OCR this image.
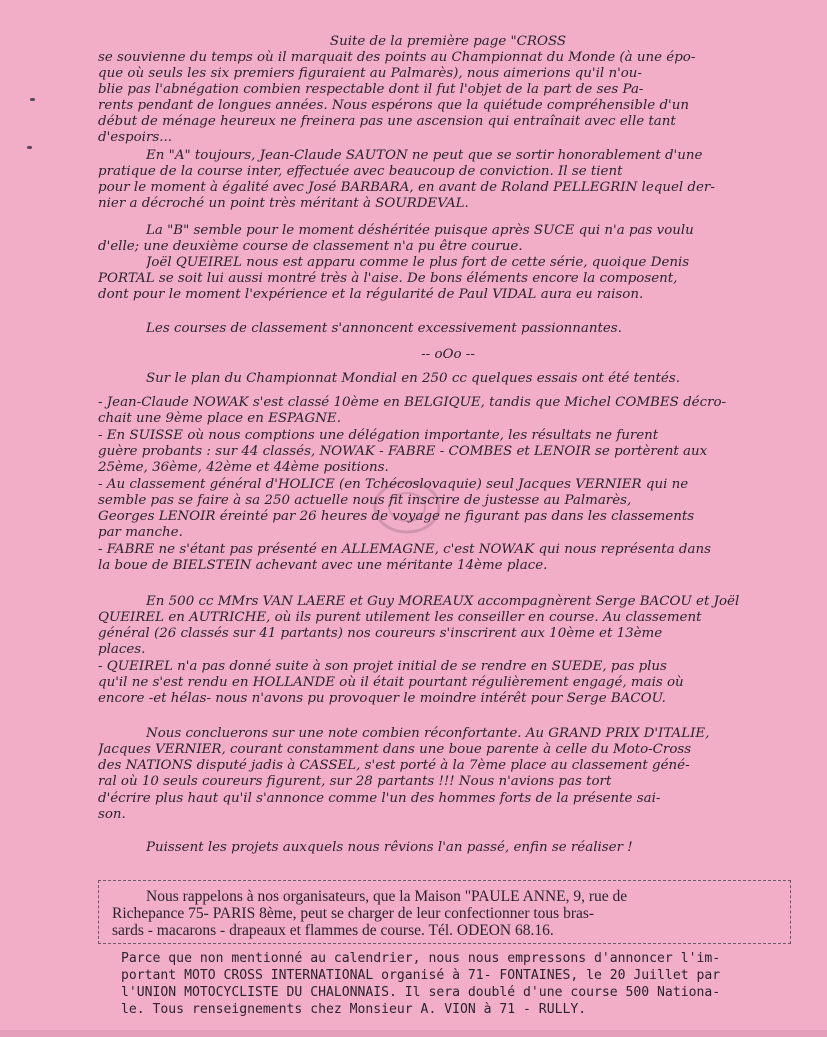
Suite de la première page "CROSS
se souvienne du temps où il marquait des points au Championnat du Monde (à une épo-
que où seuls les six premiers figuraient au Palmarès), nous aimerions qu'il n'ou-
blie pas l'abnégation combien respectable dont il fut l'objet de la part de ses Pa-
rents pendant de longues années. Nous espérons que la quiétude compréhensible d'un
début de ménage heureux ne freinera pas une ascension qui entraînait avec elle tant
d'espoirs...
En "A" toujours, Jean-Claude SAUTON ne peut que se sortir honorablement d'une
pratique de la course inter, effectuée avec beaucoup de conviction. Il se tient
pour le moment à égalité avec José BARBARA, en avant de Roland PELLEGRIN lequel der-
nier a décroché un point très méritant à SOURDEVAL.
La "B" semble pour le moment déshéritée puisque après SUCE qui n'a pas voulu
d'elle; une deuxième course de classement n'a pu être courue.
Joël QUEIREL nous est apparu comme le plus fort de cette série, quoique Denis
PORTAL se soit lui aussi montré très à l'aise. De bons éléments encore la composent,
dont pour le moment l'expérience et la régularité de Paul VIDAL aura eu raison.
Les courses de classement s'annoncent excessivement passionnantes.
-- oOo --
Sur le plan du Championnat Mondial en 250 cc quelques essais ont été tentés.
- Jean-Claude NOWAK s'est classé 10ème en BELGIQUE, tandis que Michel COMBES décro-
chait une 9ème place en ESPAGNE.
- En SUISSE où nous comptions une délégation importante, les résultats ne furent
guère probants : sur 44 classés, NOWAK - FABRE - COMBES et LENOIR se portèrent aux
25ème, 36ème, 42ème et 44ème positions.
- Au classement général d'HOLICE (en Tchécoslovaquie) seul Jacques VERNIER qui ne
semble pas se faire à sa 250 actuelle nous fit inscrire de justesse au Palmarès,
Georges LENOIR éreinté par 26 heures de voyage ne figurant pas dans les classements
par manche.
- FABRE ne s'étant pas présenté en ALLEMAGNE, c'est NOWAK qui nous représenta dans
la boue de BIELSTEIN achevant avec une méritante 14ème place.
En 500 cc MMrs VAN LAERE et Guy MOREAUX accompagnèrent Serge BACOU et Joël
QUEIREL en AUTRICHE, où ils purent utilement les conseiller en course. Au classement
général (26 classés sur 41 partants) nos coureurs s'inscrirent aux 10ème et 13ème
places.
- QUEIREL n'a pas donné suite à son projet initial de se rendre en SUEDE, pas plus
qu'il ne s'est rendu en HOLLANDE où il était pourtant régulièrement engagé, mais où
encore -et hélas- nous n'avons pu provoquer le moindre intérêt pour Serge BACOU.
Nous concluerons sur une note combien réconfortante. Au GRAND PRIX D'ITALIE,
Jacques VERNIER, courant constamment dans une boue parente à celle du Moto-Cross
des NATIONS disputé jadis à CASSEL, s'est porté à la 7ème place au classement géné-
ral où 10 seuls coureurs figurent, sur 28 partants !!! Nous n'avions pas tort
d'écrire plus haut qu'il s'annonce comme l'un des hommes forts de la présente sai-
son.
Puissent les projets auxquels nous rêvions l'an passé, enfin se réaliser !
Nous rappelons à nos organisateurs, que la Maison "PAULE ANNE, 9, rue de
Richepance 75- PARIS 8ème, peut se charger de leur confectionner tous bras-
sards - macarons - drapeaux et flammes de course. Tél. ODEON 68.16.
Parce que non mentionné au calendrier, nous nous empressons d'annoncer l'im-
portant MOTO CROSS INTERNATIONAL organisé à 71- FONTAINES, le 20 Juillet par
l'UNION MOTOCYCLISTE DU CHALONNAIS. Il sera doublé d'une course 500 Nationa-
le. Tous renseignements chez Monsieur A. VION à 71 - RULLY.
